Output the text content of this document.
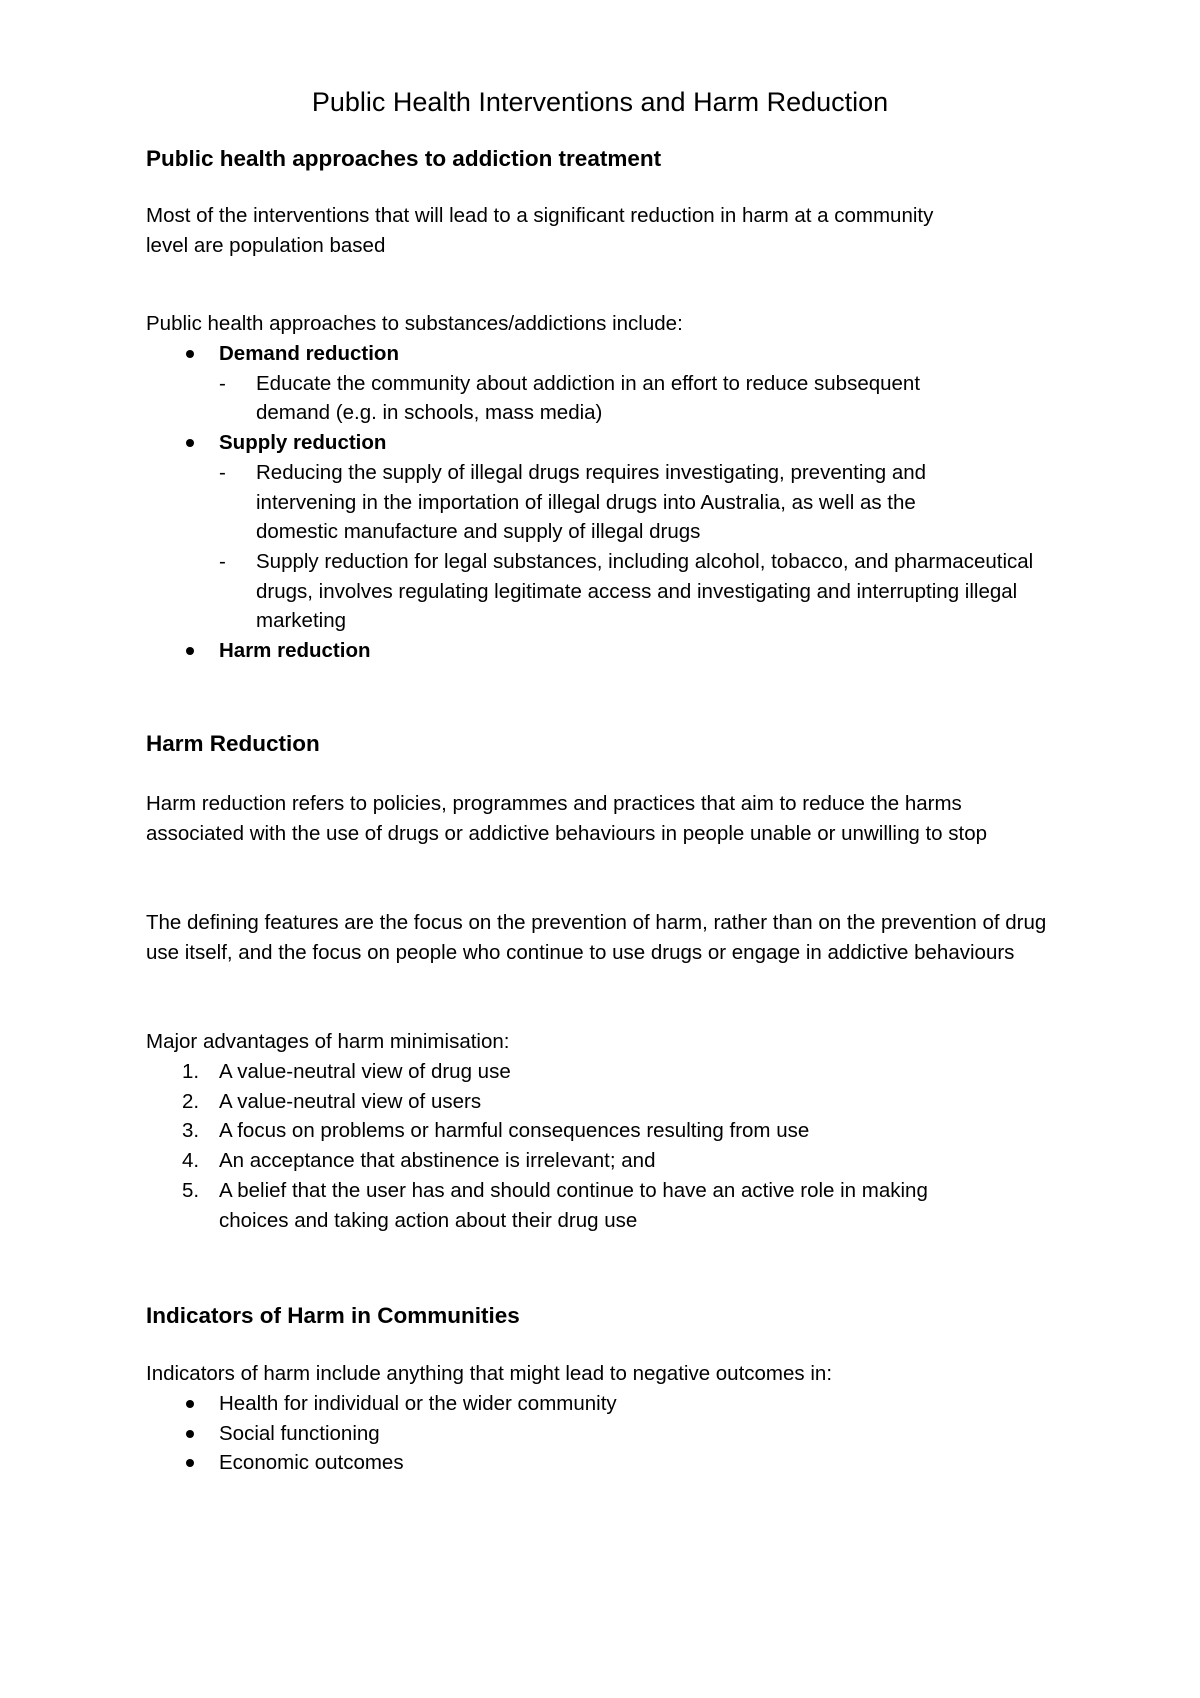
Public Health Interventions and Harm Reduction
Public health approaches to addiction treatment

Most of the interventions that will lead to a significant reduction in harm at a community level are population based

Public health approaches to substances/addictions include:

Demand reduction
- Educate the community about addiction in an effort to reduce subsequent demand (e.g. in schools, mass media)
Supply reduction
- Reducing the supply of illegal drugs requires investigating, preventing and intervening in the importation of illegal drugs into Australia, as well as the domestic manufacture and supply of illegal drugs
- Supply reduction for legal substances, including alcohol, tobacco, and pharmaceutical drugs, involves regulating legitimate access and investigating and interrupting illegal marketing
Harm reduction
Harm Reduction

Harm reduction refers to policies, programmes and practices that aim to reduce the harms associated with the use of drugs or addictive behaviours in people unable or unwilling to stop

The defining features are the focus on the prevention of harm, rather than on the prevention of drug use itself, and the focus on people who continue to use drugs or engage in addictive behaviours

Major advantages of harm minimisation:

1. A value-neutral view of drug use
2. A value-neutral view of users
3. A focus on problems or harmful consequences resulting from use
4. An acceptance that abstinence is irrelevant; and
5. A belief that the user has and should continue to have an active role in making choices and taking action about their drug use
Indicators of Harm in Communities

Indicators of harm include anything that might lead to negative outcomes in:

Health for individual or the wider community
Social functioning
Economic outcomes
